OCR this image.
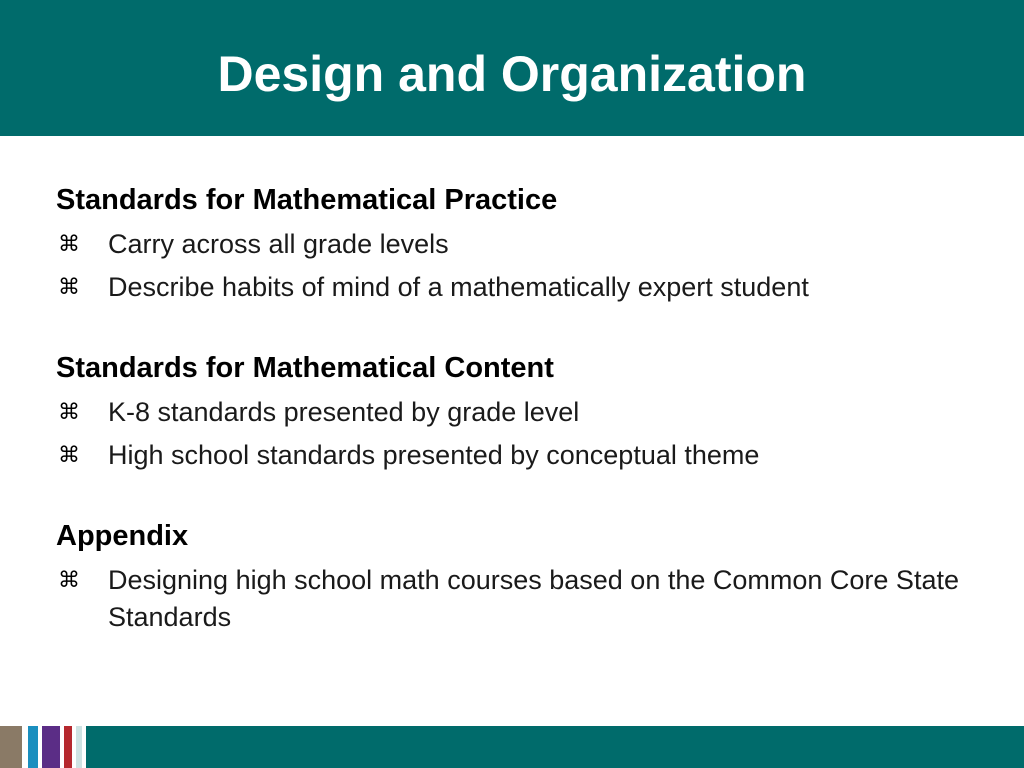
Design and Organization

Standards for Mathematical Practice

⌘ Carry across all grade levels
⌘ Describe habits of mind of a mathematically expert student

Standards for Mathematical Content

⌘ K-8 standards presented by grade level
⌘ High school standards presented by conceptual theme

Appendix

⌘ Designing high school math courses based on the Common Core State Standards
